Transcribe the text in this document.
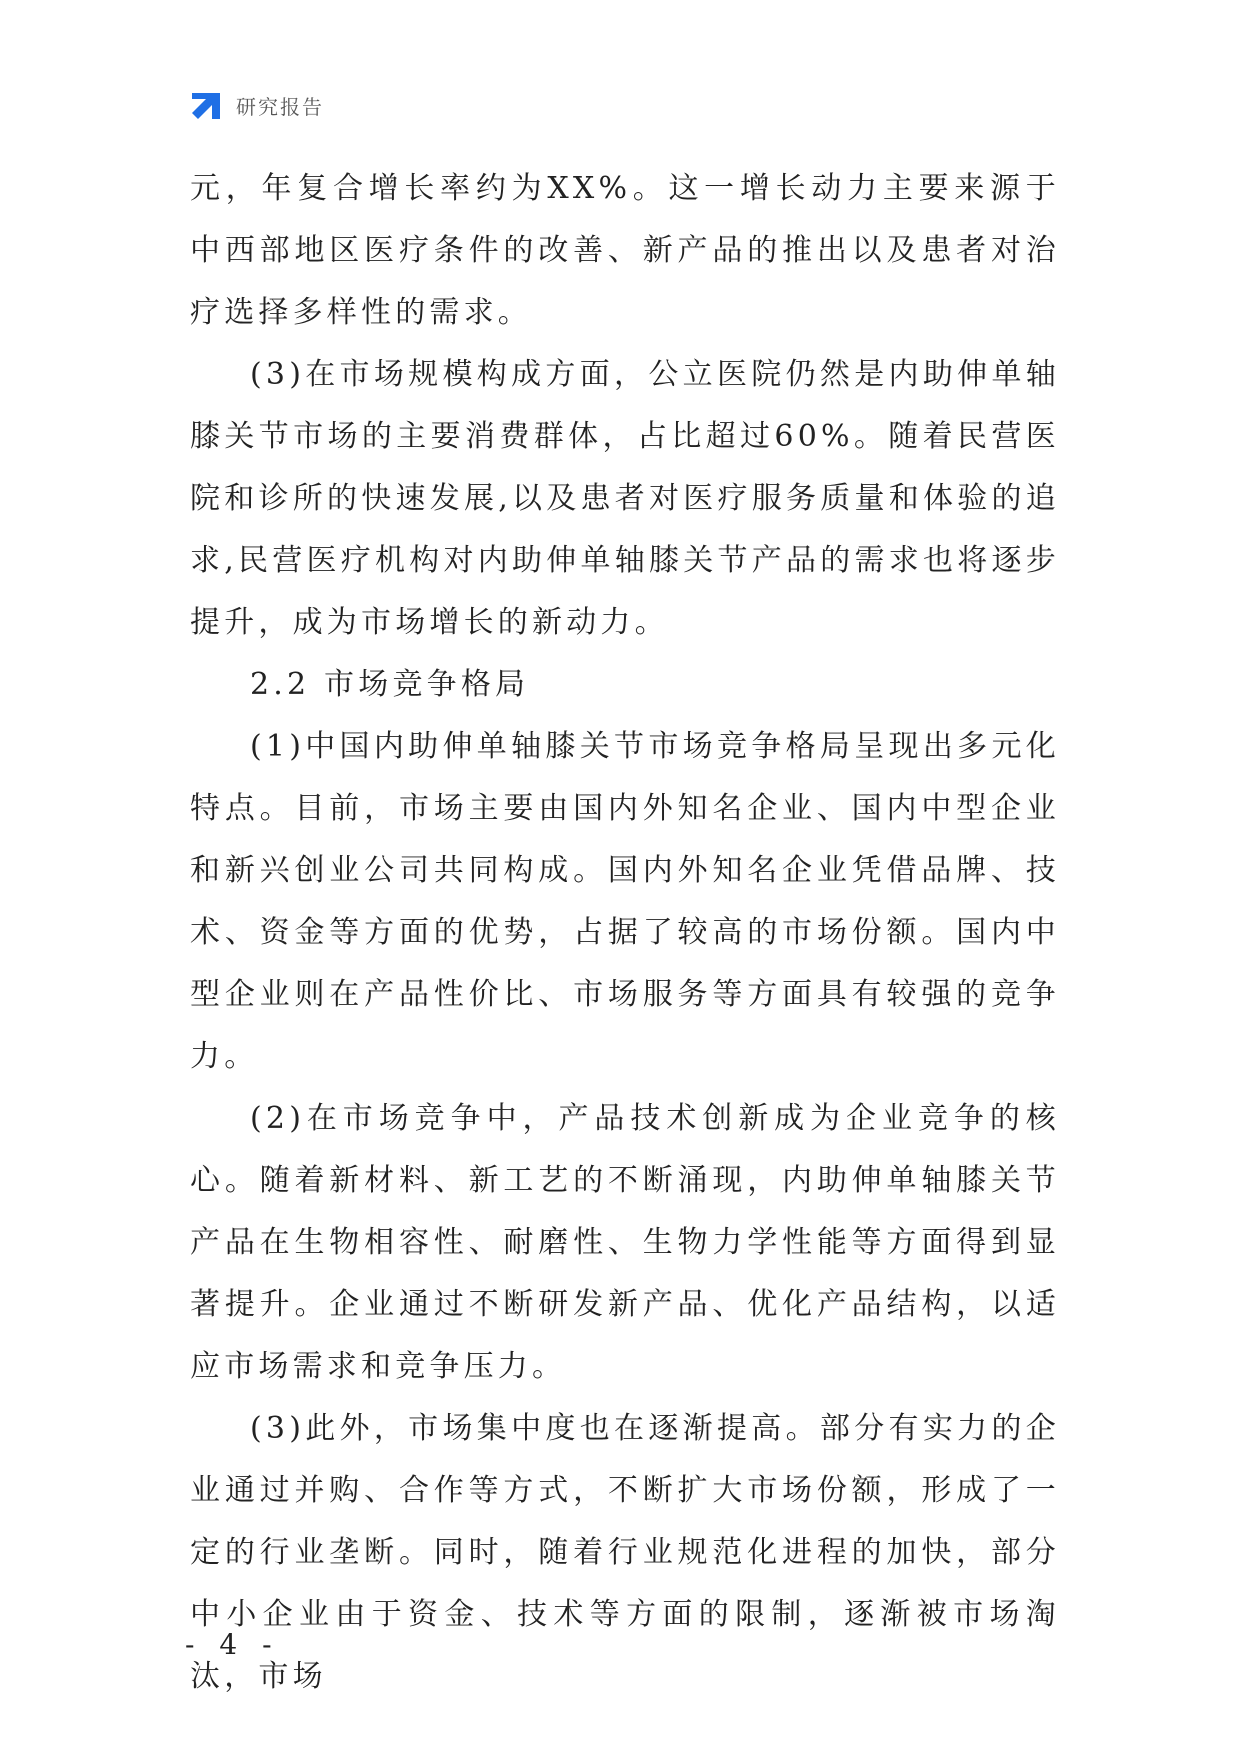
研究报告

元，年复合增长率约为XX%。这一增长动力主要来源于中西部地区医疗条件的改善、新产品的推出以及患者对治疗选择多样性的需求。

(3)在市场规模构成方面，公立医院仍然是内助伸单轴膝关节市场的主要消费群体，占比超过60%。随着民营医院和诊所的快速发展,以及患者对医疗服务质量和体验的追求,民营医疗机构对内助伸单轴膝关节产品的需求也将逐步提升，成为市场增长的新动力。

2.2 市场竞争格局

(1)中国内助伸单轴膝关节市场竞争格局呈现出多元化特点。目前，市场主要由国内外知名企业、国内中型企业和新兴创业公司共同构成。国内外知名企业凭借品牌、技术、资金等方面的优势，占据了较高的市场份额。国内中型企业则在产品性价比、市场服务等方面具有较强的竞争力。

(2)在市场竞争中，产品技术创新成为企业竞争的核心。随着新材料、新工艺的不断涌现，内助伸单轴膝关节产品在生物相容性、耐磨性、生物力学性能等方面得到显著提升。企业通过不断研发新产品、优化产品结构，以适应市场需求和竞争压力。

(3)此外，市场集中度也在逐渐提高。部分有实力的企业通过并购、合作等方式，不断扩大市场份额，形成了一定的行业垄断。同时，随着行业规范化进程的加快，部分中小企业由于资金、技术等方面的限制，逐渐被市场淘汰，市场

- 4 -
